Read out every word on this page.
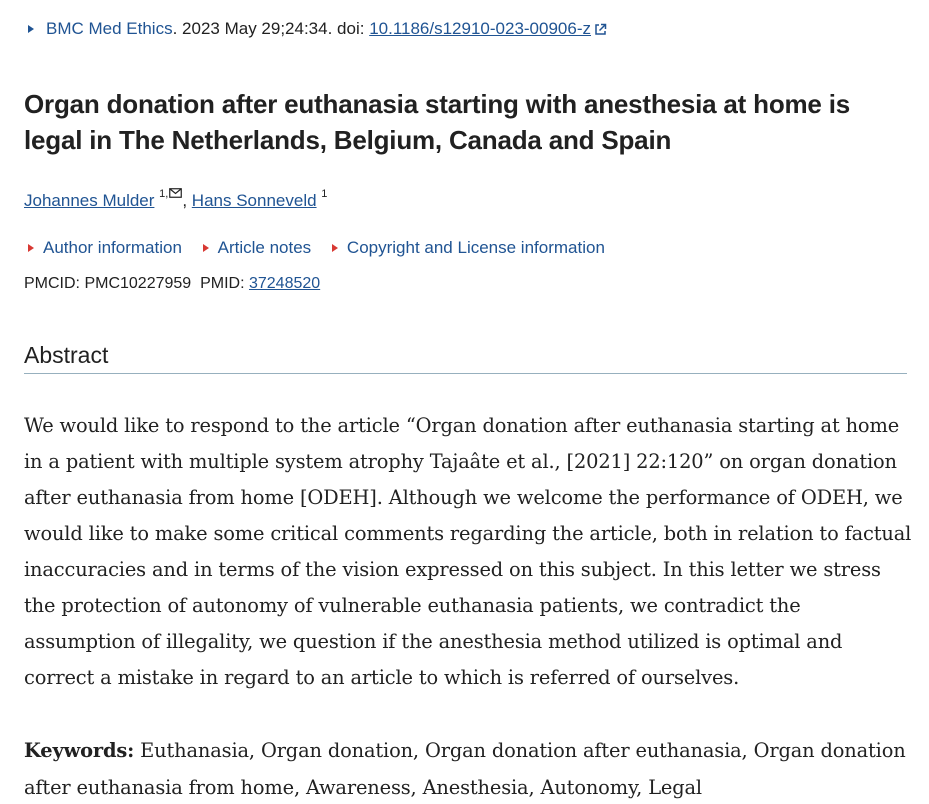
BMC Med Ethics. 2023 May 29;24:34. doi: 10.1186/s12910-023-00906-z
Organ donation after euthanasia starting with anesthesia at home is legal in The Netherlands, Belgium, Canada and Spain
Johannes Mulder $^{1,}$ , Hans Sonneveld $^1$
Author information Article notes Copyright and License information
PMCID: PMC10227959 PMID: 37248520
Abstract

We would like to respond to the article “Organ donation after euthanasia starting at home in a patient with multiple system atrophy Tajaâte et al., [2021] 22:120” on organ donation after euthanasia from home [ODEH]. Although we welcome the performance of ODEH, we would like to make some critical comments regarding the article, both in relation to factual inaccuracies and in terms of the vision expressed on this subject. In this letter we stress the protection of autonomy of vulnerable euthanasia patients, we contradict the assumption of illegality, we question if the anesthesia method utilized is optimal and correct a mistake in regard to an article to which is referred of ourselves.

Keywords: Euthanasia, Organ donation, Organ donation after euthanasia, Organ donation after euthanasia from home, Awareness, Anesthesia, Autonomy, Legal
